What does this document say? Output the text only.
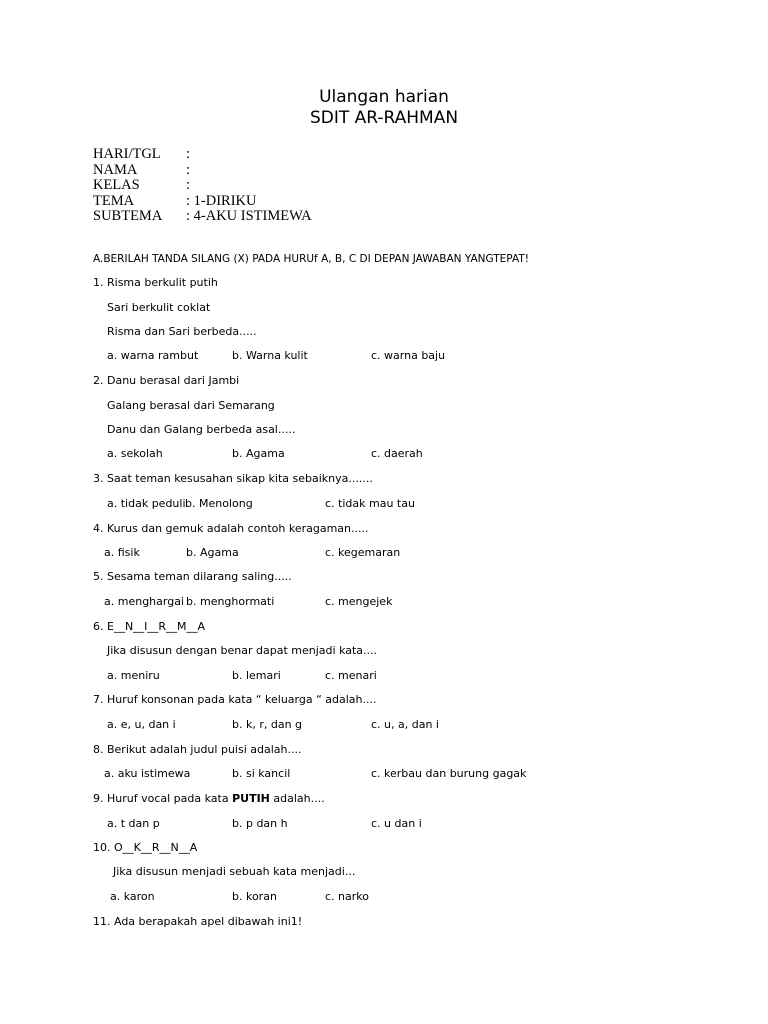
Ulangan harian
SDIT AR-RAHMAN
HARI/TGL :
NAMA	:
KELAS	:
TEMA	: 1-DIRIKU
SUBTEMA : 4-AKU ISTIMEWA
A.BERILAH TANDA SILANG (X) PADA HURUf A, B, C DI DEPAN JAWABAN YANGTEPAT!
1. Risma berkulit putih
Sari berkulit coklat
Risma dan Sari berbeda.....
a. warna rambut	b. Warna kulit	c. warna baju
2. Danu berasal dari Jambi
Galang berasal dari Semarang
Danu dan Galang berbeda asal.....
a. sekolah	b. Agama	c. daerah
3. Saat teman kesusahan sikap kita sebaiknya.......
a. tidak peduli b. Menolong	c. tidak mau tau
4. Kurus dan gemuk adalah contoh keragaman.....
a. fisik	b. Agama	c. kegemaran
5. Sesama teman dilarang saling.....
a. menghargai b. menghormati	c. mengejek
6. E__N__I__R__M__A
Jika disusun dengan benar dapat menjadi kata....
a. meniru	b. lemari	c. menari
7. Huruf konsonan pada kata “ keluarga “ adalah....
a. e, u, dan i	b. k, r, dan g	c. u, a, dan i
8. Berikut adalah judul puisi adalah....
a. aku istimewa	b. si kancil	c. kerbau dan burung gagak
9. Huruf vocal pada kata PUTIH adalah....
a. t dan p	b. p dan h	c. u dan i
10. O__K__R__N__A
Jika disusun menjadi sebuah kata menjadi...
a. karon	b. koran	c. narko
11. Ada berapakah apel dibawah ini1!
